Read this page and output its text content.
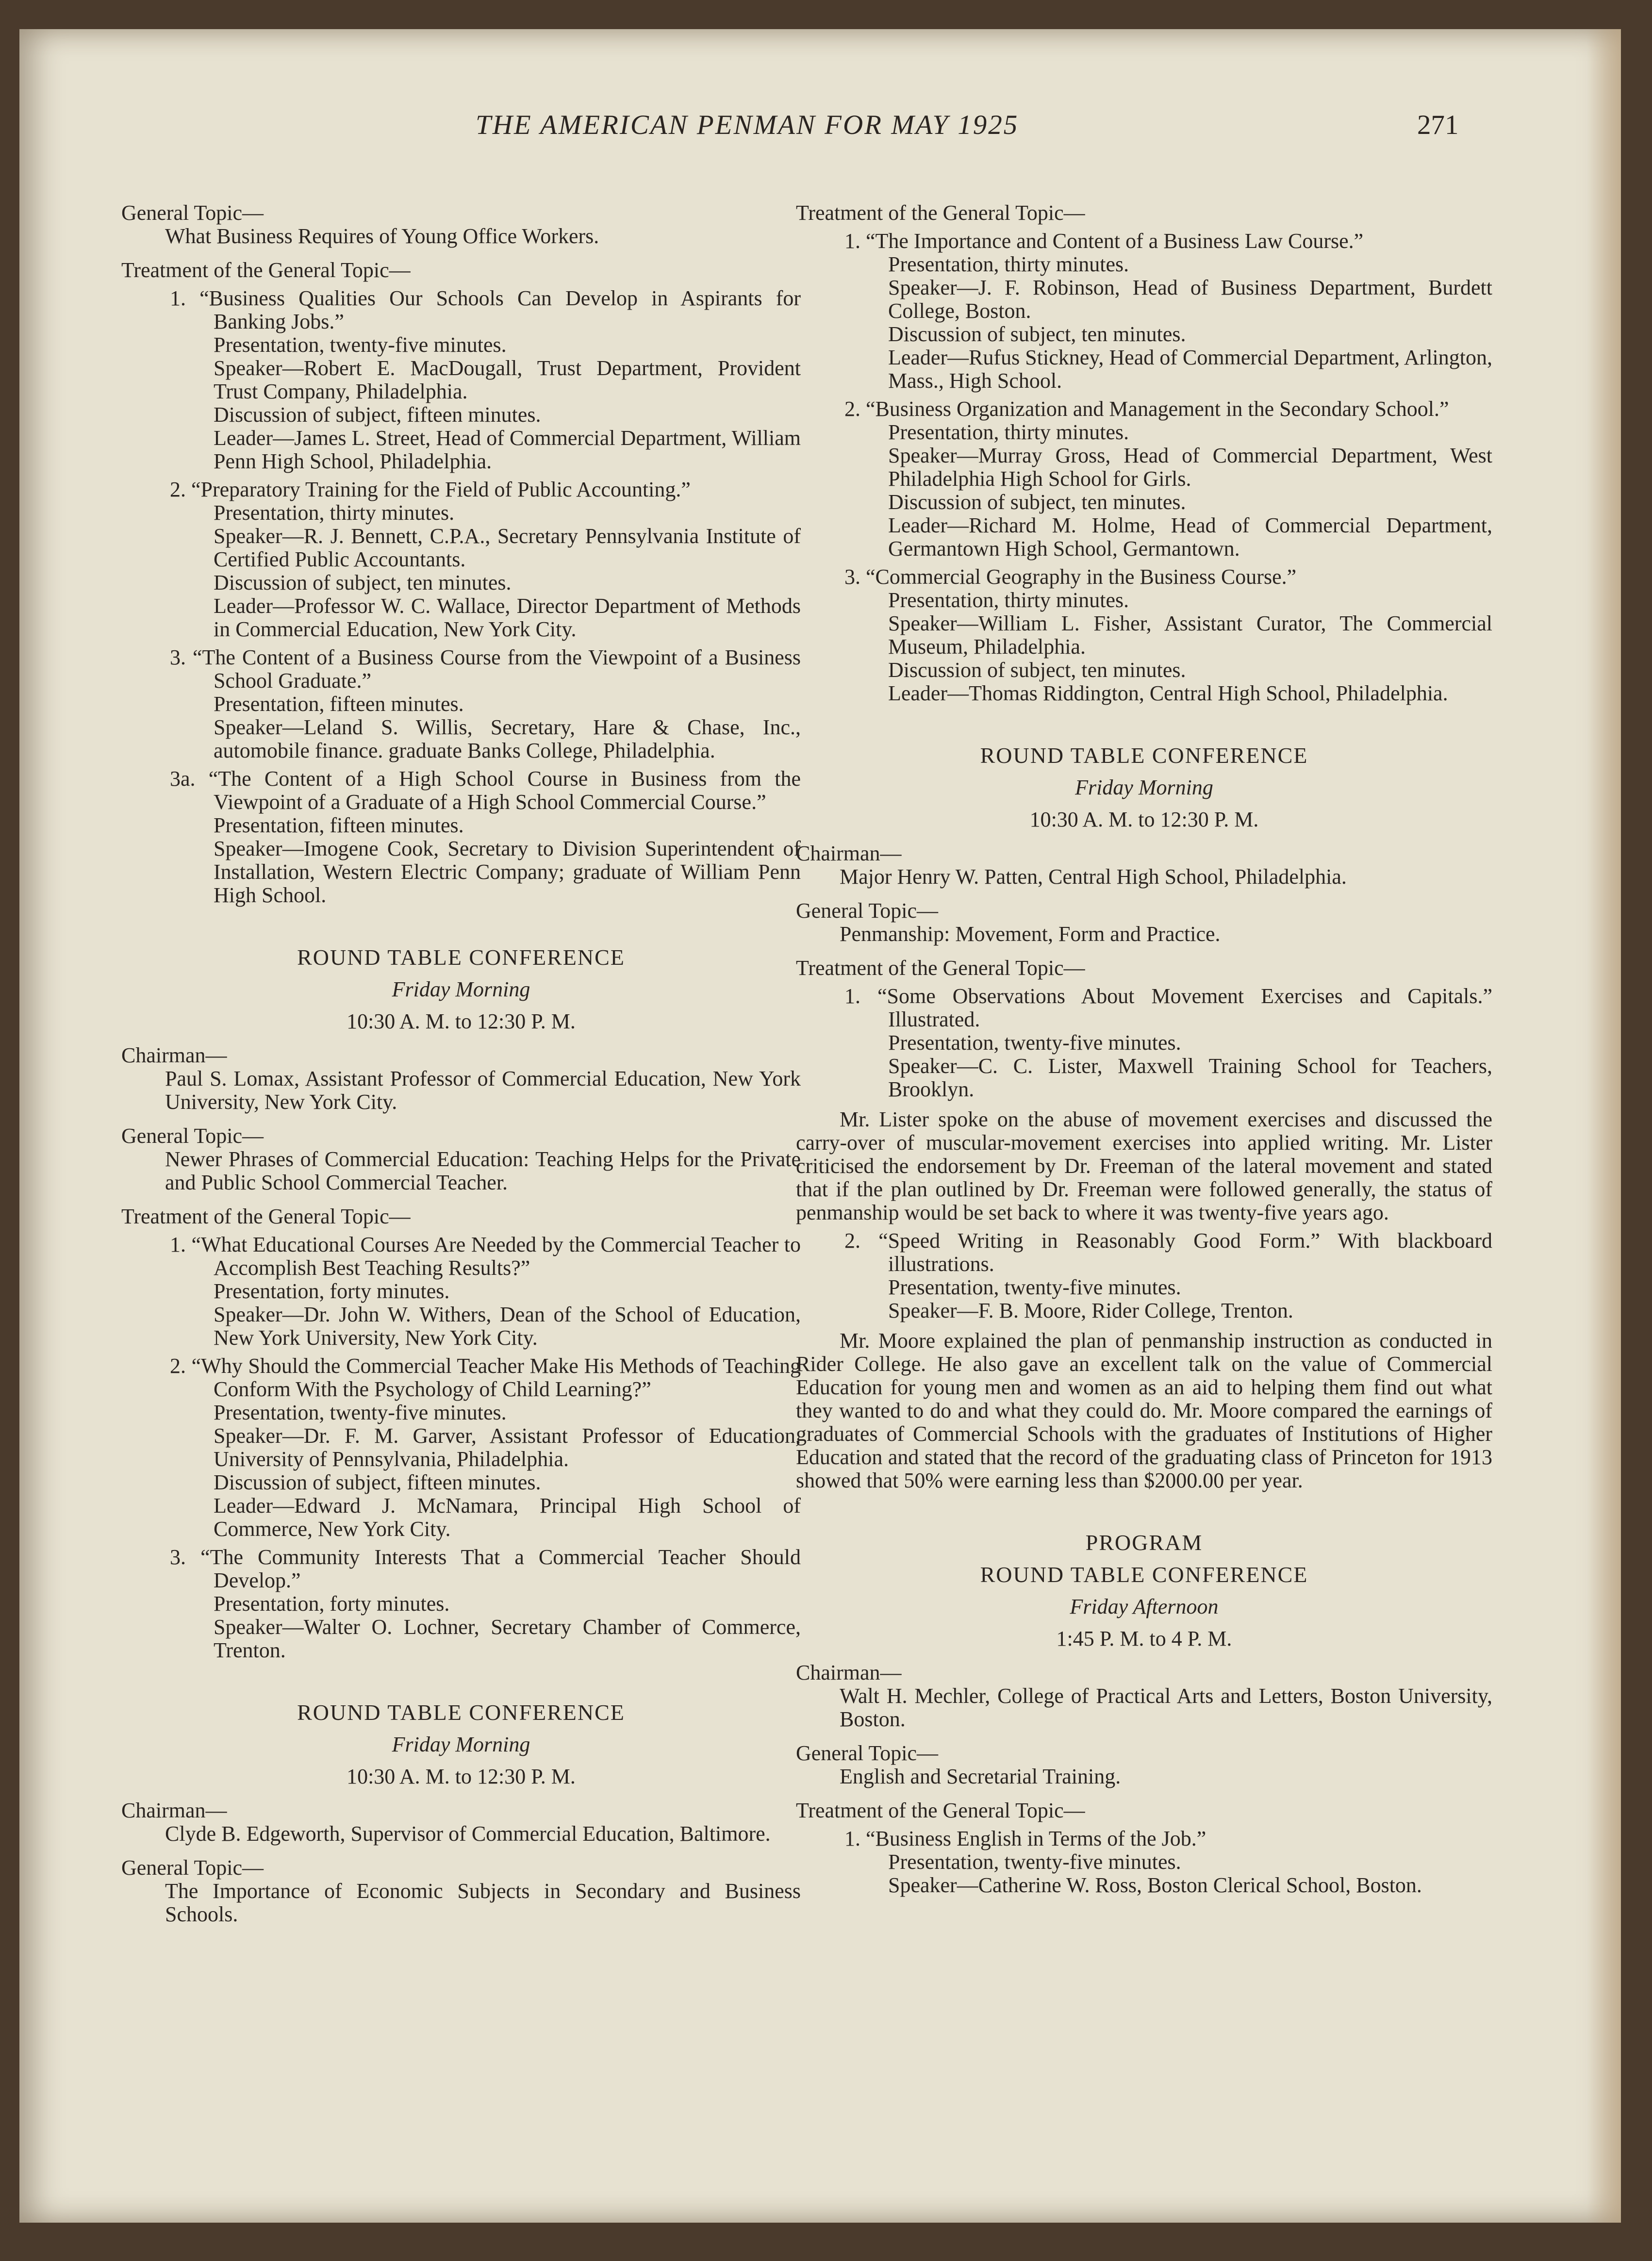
THE AMERICAN PENMAN FOR MAY 1925	271

General Topic—

What Business Requires of Young Office Workers.

Treatment of the General Topic—

1. “Business Qualities Our Schools Can Develop in Aspirants for Banking Jobs.”

Presentation, twenty-five minutes.

Speaker—Robert E. MacDougall, Trust Department, Provident Trust Company, Philadelphia.

Discussion of subject, fifteen minutes.

Leader—James L. Street, Head of Commercial Department, William Penn High School, Philadelphia.

2. “Preparatory Training for the Field of Public Accounting.”

Presentation, thirty minutes.

Speaker—R. J. Bennett, C.P.A., Secretary Pennsylvania Institute of Certified Public Accountants.

Discussion of subject, ten minutes.

Leader—Professor W. C. Wallace, Director Department of Methods in Commercial Education, New York City.

3. “The Content of a Business Course from the Viewpoint of a Business School Graduate.”

Presentation, fifteen minutes.

Speaker—Leland S. Willis, Secretary, Hare & Chase, Inc., automobile finance. graduate Banks College, Philadelphia.

3a. “The Content of a High School Course in Business from the Viewpoint of a Graduate of a High School Commercial Course.”

Presentation, fifteen minutes.

Speaker—Imogene Cook, Secretary to Division Superintendent of Installation, Western Electric Company; graduate of William Penn High School.

ROUND TABLE CONFERENCE

Friday Morning

10:30 A. M. to 12:30 P. M.

Chairman—

Paul S. Lomax, Assistant Professor of Commercial Education, New York University, New York City.

General Topic—

Newer Phrases of Commercial Education: Teaching Helps for the Private and Public School Commercial Teacher.

Treatment of the General Topic—

1. “What Educational Courses Are Needed by the Commercial Teacher to Accomplish Best Teaching Results?”

Presentation, forty minutes.

Speaker—Dr. John W. Withers, Dean of the School of Education, New York University, New York City.

2. “Why Should the Commercial Teacher Make His Methods of Teaching Conform With the Psychology of Child Learning?”

Presentation, twenty-five minutes.

Speaker—Dr. F. M. Garver, Assistant Professor of Education, University of Pennsylvania, Philadelphia.

Discussion of subject, fifteen minutes.

Leader—Edward J. McNamara, Principal High School of Commerce, New York City.

3. “The Community Interests That a Commercial Teacher Should Develop.”

Presentation, forty minutes.

Speaker—Walter O. Lochner, Secretary Chamber of Commerce, Trenton.

ROUND TABLE CONFERENCE

Friday Morning

10:30 A. M. to 12:30 P. M.

Chairman—

Clyde B. Edgeworth, Supervisor of Commercial Education, Baltimore.

General Topic—

The Importance of Economic Subjects in Secondary and Business Schools.

Treatment of the General Topic—

1. “The Importance and Content of a Business Law Course.”

Presentation, thirty minutes.

Speaker—J. F. Robinson, Head of Business Department, Burdett College, Boston.

Discussion of subject, ten minutes.

Leader—Rufus Stickney, Head of Commercial Department, Arlington, Mass., High School.

2. “Business Organization and Management in the Secondary School.”

Presentation, thirty minutes.

Speaker—Murray Gross, Head of Commercial Department, West Philadelphia High School for Girls.

Discussion of subject, ten minutes.

Leader—Richard M. Holme, Head of Commercial Department, Germantown High School, Germantown.

3. “Commercial Geography in the Business Course.”

Presentation, thirty minutes.

Speaker—William L. Fisher, Assistant Curator, The Commercial Museum, Philadelphia.

Discussion of subject, ten minutes.

Leader—Thomas Riddington, Central High School, Philadelphia.

ROUND TABLE CONFERENCE

Friday Morning

10:30 A. M. to 12:30 P. M.

Chairman—

Major Henry W. Patten, Central High School, Philadelphia.

General Topic—

Penmanship: Movement, Form and Practice.

Treatment of the General Topic—

1. “Some Observations About Movement Exercises and Capitals.” Illustrated.

Presentation, twenty-five minutes.

Speaker—C. C. Lister, Maxwell Training School for Teachers, Brooklyn.

Mr. Lister spoke on the abuse of movement exercises and discussed the carry-over of muscular-movement exercises into applied writing. Mr. Lister criticised the endorsement by Dr. Freeman of the lateral movement and stated that if the plan outlined by Dr. Freeman were followed generally, the status of penmanship would be set back to where it was twenty-five years ago.

2. “Speed Writing in Reasonably Good Form.” With blackboard illustrations.

Presentation, twenty-five minutes.

Speaker—F. B. Moore, Rider College, Trenton.

Mr. Moore explained the plan of penmanship instruction as conducted in Rider College. He also gave an excellent talk on the value of Commercial Education for young men and women as an aid to helping them find out what they wanted to do and what they could do. Mr. Moore compared the earnings of graduates of Commercial Schools with the graduates of Institutions of Higher Education and stated that the record of the graduating class of Princeton for 1913 showed that 50% were earning less than $2000.00 per year.

PROGRAM

ROUND TABLE CONFERENCE

Friday Afternoon

1:45 P. M. to 4 P. M.

Chairman—

Walt H. Mechler, College of Practical Arts and Letters, Boston University, Boston.

General Topic—

English and Secretarial Training.

Treatment of the General Topic—

1. “Business English in Terms of the Job.”

Presentation, twenty-five minutes.

Speaker—Catherine W. Ross, Boston Clerical School, Boston.
